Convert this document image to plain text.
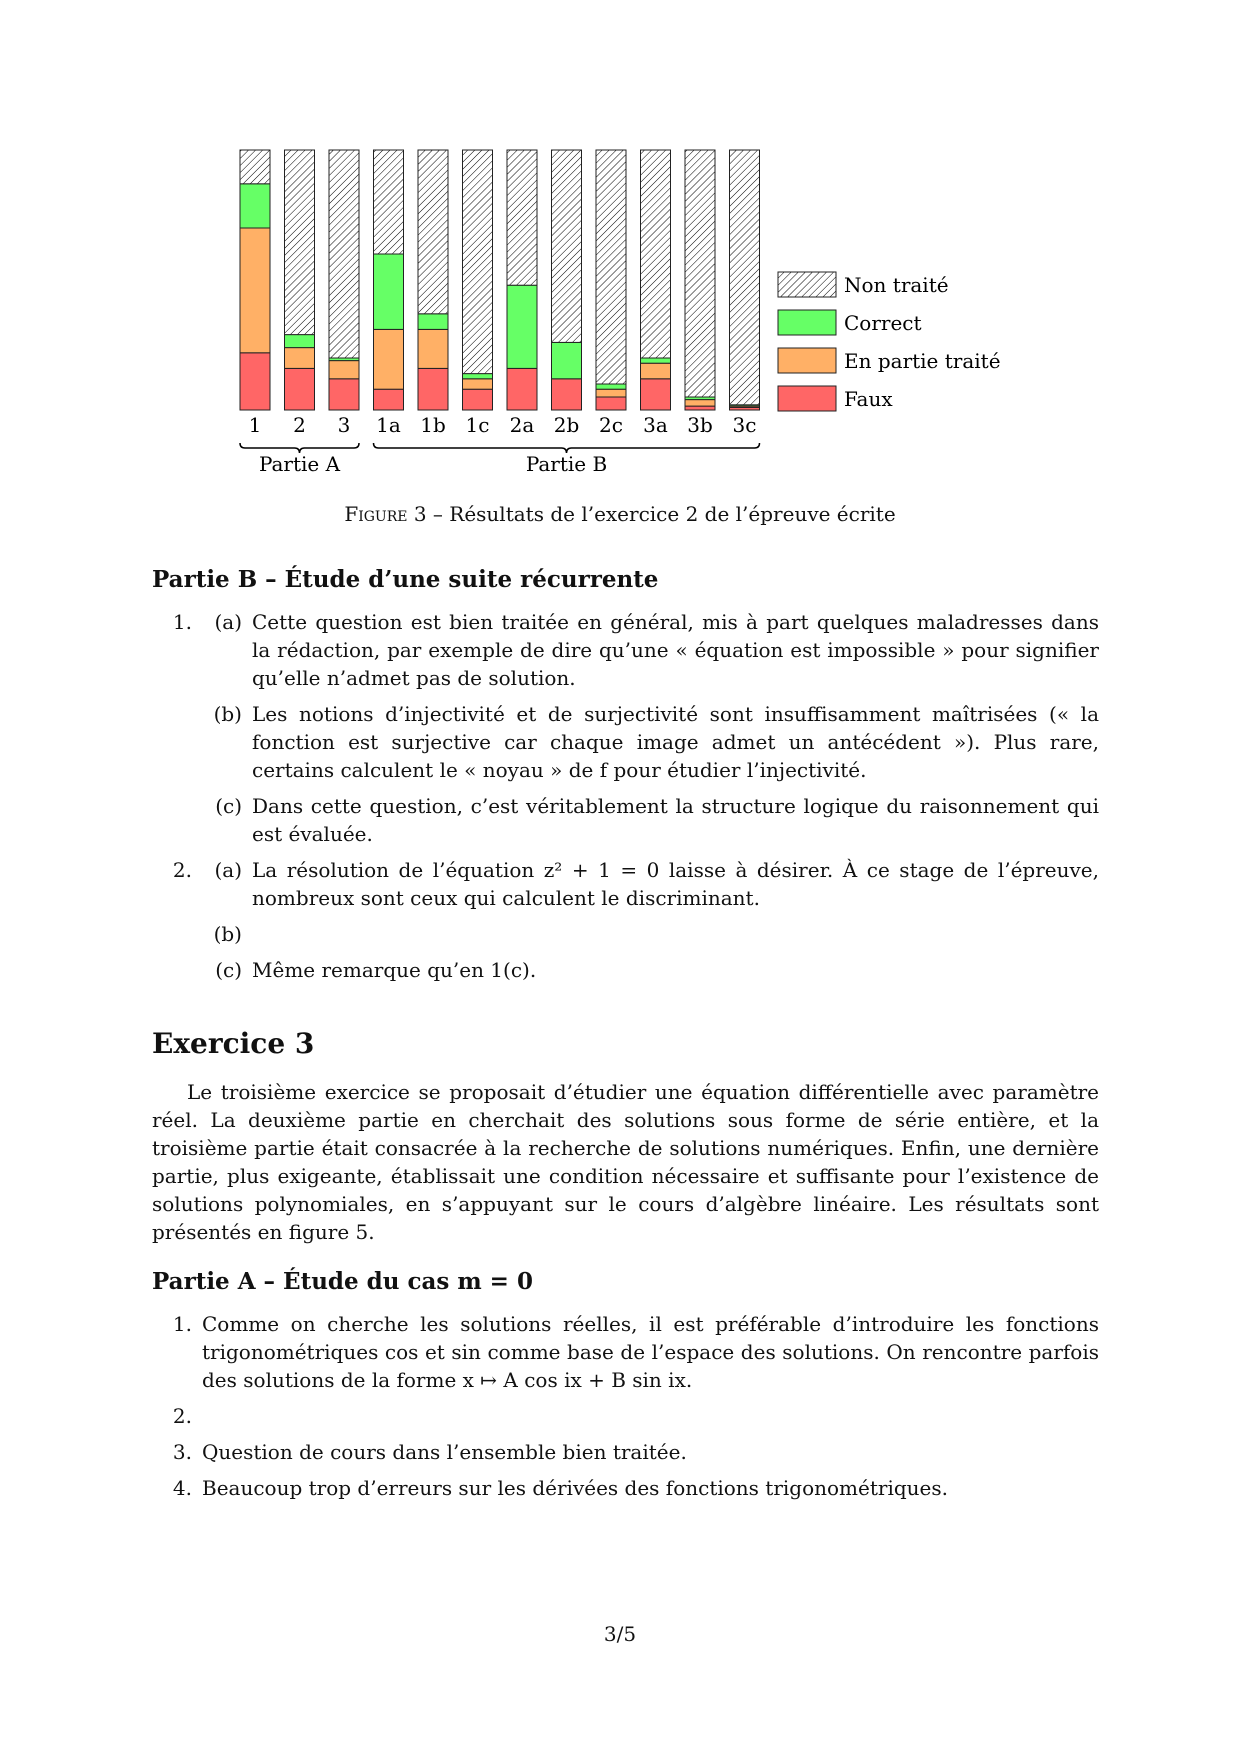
1 2 3 1a 1b 1c 2a 2b 2c 3a 3b 3c
Partie A	Partie B
Non traité
Correct
En partie traité
Faux
Figure 3 – Résultats de l’exercice 2 de l’épreuve écrite
Partie B – Étude d’une suite récurrente
1.	(a) Cette question est bien traitée en général, mis à part quelques maladresses dans la rédaction, par exemple de dire qu’une « équation est impossible » pour signifier qu’elle n’admet pas de solution.
(b) Les notions d’injectivité et de surjectivité sont insuffisamment maîtrisées (« la fonction est surjective car chaque image admet un antécédent »). Plus rare, certains calculent le « noyau » de f pour étudier l’injectivité.
(c) Dans cette question, c’est véritablement la structure logique du raisonnement qui est évaluée.
2.	(a) La résolution de l’équation z² + 1 = 0 laisse à désirer. À ce stage de l’épreuve, nombreux sont ceux qui calculent le discriminant.
(b)
(c) Même remarque qu’en 1(c).
Exercice 3

Le troisième exercice se proposait d’étudier une équation différentielle avec paramètre réel. La deuxième partie en cherchait des solutions sous forme de série entière, et la troisième partie était consacrée à la recherche de solutions numériques. Enfin, une dernière partie, plus exigeante, établissait une condition nécessaire et suffisante pour l’existence de solutions polynomiales, en s’appuyant sur le cours d’algèbre linéaire. Les résultats sont présentés en figure 5.

Partie A – Étude du cas m = 0
1. Comme on cherche les solutions réelles, il est préférable d’introduire les fonctions trigonométriques cos et sin comme base de l’espace des solutions. On rencontre parfois des solutions de la forme x ↦ A cos ix + B sin ix.
2.
3. Question de cours dans l’ensemble bien traitée.
4. Beaucoup trop d’erreurs sur les dérivées des fonctions trigonométriques.
3/5
